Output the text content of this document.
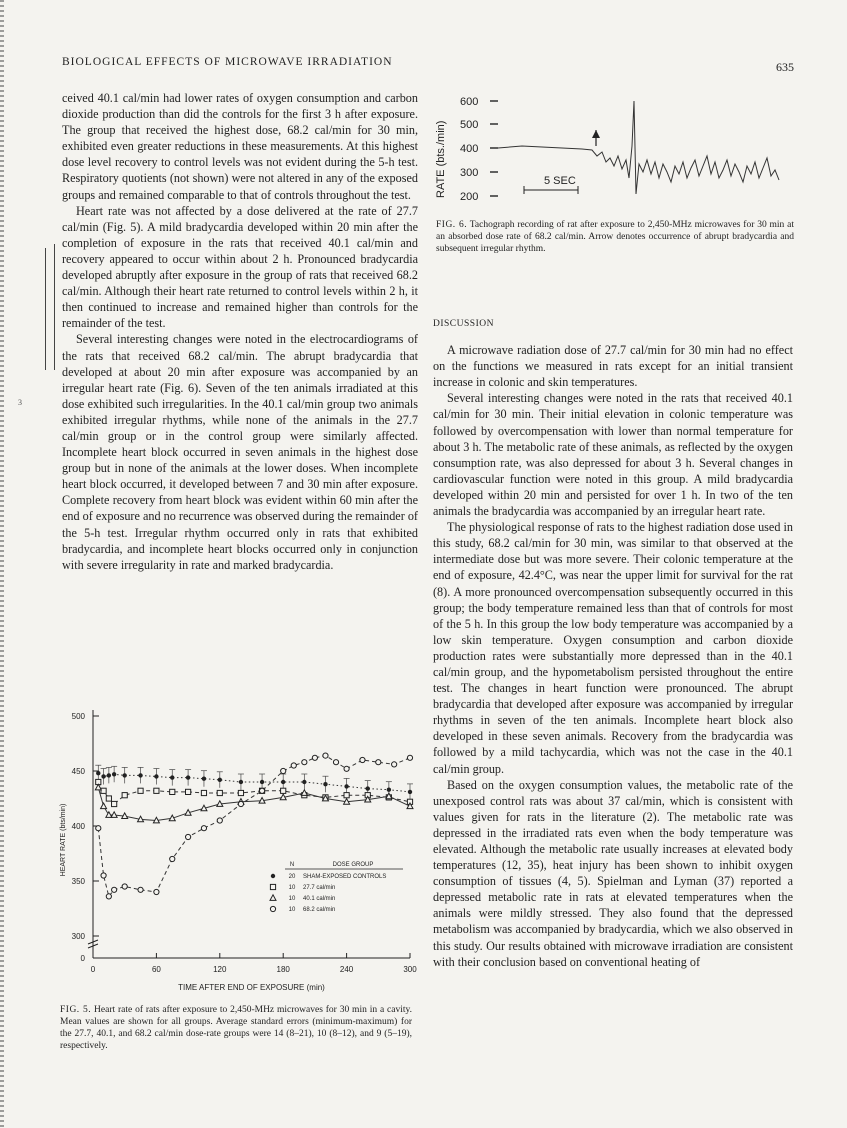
BIOLOGICAL EFFECTS OF MICROWAVE IRRADIATION	635
3

ceived 40.1 cal/min had lower rates of oxygen consumption and carbon dioxide production than did the controls for the first 3 h after exposure. The group that received the highest dose, 68.2 cal/min for 30 min, exhibited even greater reductions in these measurements. At this highest dose level recovery to control levels was not evident during the 5-h test. Respiratory quotients (not shown) were not altered in any of the exposed groups and remained comparable to that of controls throughout the test.

Heart rate was not affected by a dose delivered at the rate of 27.7 cal/min (Fig. 5). A mild bradycardia developed within 20 min after the completion of exposure in the rats that received 40.1 cal/min and recovery appeared to occur within about 2 h. Pronounced bradycardia developed abruptly after exposure in the group of rats that received 68.2 cal/min. Although their heart rate returned to control levels within 2 h, it then continued to increase and remained higher than controls for the remainder of the test.

Several interesting changes were noted in the electrocardiograms of the rats that received 68.2 cal/min. The abrupt bradycardia that developed at about 20 min after exposure was accompanied by an irregular heart rate (Fig. 6). Seven of the ten animals irradiated at this dose exhibited such irregularities. In the 40.1 cal/min group two animals exhibited irregular rhythms, while none of the animals in the 27.7 cal/min group or in the control group were similarly affected. Incomplete heart block occurred in seven animals in the highest dose group but in none of the animals at the lower doses. When incomplete heart block occurred, it developed between 7 and 30 min after exposure. Complete recovery from heart block was evident within 60 min after the end of exposure and no recurrence was observed during the remainder of the 5-h test. Irregular rhythm occurred only in rats that exhibited bradycardia, and incomplete heart blocks occurred only in conjunction with severe irregularity in rate and marked bradycardia.

0
300
350
400
450
500
0	60	120	180	240	300
TIME AFTER END OF EXPOSURE (min)
HEART RATE (bts/min)	N	DOSE GROUP
20 SHAM-EXPOSED CONTROLS
10 27.7 cal/min
10 40.1 cal/min
10 68.2 cal/min
FIG. 5. Heart rate of rats after exposure to 2,450-MHz microwaves for 30 min in a cavity. Mean values are shown for all groups. Average standard errors (minimum-maximum) for the 27.7, 40.1, and 68.2 cal/min dose-rate groups were 14 (8–21), 10 (8–12), and 9 (5–19), respectively.
RATE (bts./min)
600
500
400
300
200
5 SEC
FIG. 6. Tachograph recording of rat after exposure to 2,450-MHz microwaves for 30 min at an absorbed dose rate of 68.2 cal/min. Arrow denotes occurrence of abrupt bradycardia and subsequent irregular rhythm.
DISCUSSION

A microwave radiation dose of 27.7 cal/min for 30 min had no effect on the functions we measured in rats except for an initial transient increase in colonic and skin temperatures.

Several interesting changes were noted in the rats that received 40.1 cal/min for 30 min. Their initial elevation in colonic temperature was followed by overcompensation with lower than normal temperature for about 3 h. The metabolic rate of these animals, as reflected by the oxygen consumption rate, was also depressed for about 3 h. Several changes in cardiovascular function were noted in this group. A mild bradycardia developed within 20 min and persisted for over 1 h. In two of the ten animals the bradycardia was accompanied by an irregular heart rate.

The physiological response of rats to the highest radiation dose used in this study, 68.2 cal/min for 30 min, was similar to that observed at the intermediate dose but was more severe. Their colonic temperature at the end of exposure, 42.4°C, was near the upper limit for survival for the rat (8). A more pronounced overcompensation subsequently occurred in this group; the body temperature remained less than that of controls for most of the 5 h. In this group the low body temperature was accompanied by a low skin temperature. Oxygen consumption and carbon dioxide production rates were substantially more depressed than in the 40.1 cal/min group, and the hypometabolism persisted throughout the entire test. The changes in heart function were pronounced. The abrupt bradycardia that developed after exposure was accompanied by irregular rhythms in seven of the ten animals. Incomplete heart block also developed in these seven animals. Recovery from the bradycardia was followed by a mild tachycardia, which was not the case in the 40.1 cal/min group.

Based on the oxygen consumption values, the metabolic rate of the unexposed control rats was about 37 cal/min, which is consistent with values given for rats in the literature (2). The metabolic rate was depressed in the irradiated rats even when the body temperature was elevated. Although the metabolic rate usually increases at elevated body temperatures (12, 35), heat injury has been shown to inhibit oxygen consumption of tissues (4, 5). Spielman and Lyman (37) reported a depressed metabolic rate in rats at elevated temperatures when the animals were mildly stressed. They also found that the depressed metabolism was accompanied by bradycardia, which we also observed in this study. Our results obtained with microwave irradiation are consistent with their conclusion based on conventional heating of
